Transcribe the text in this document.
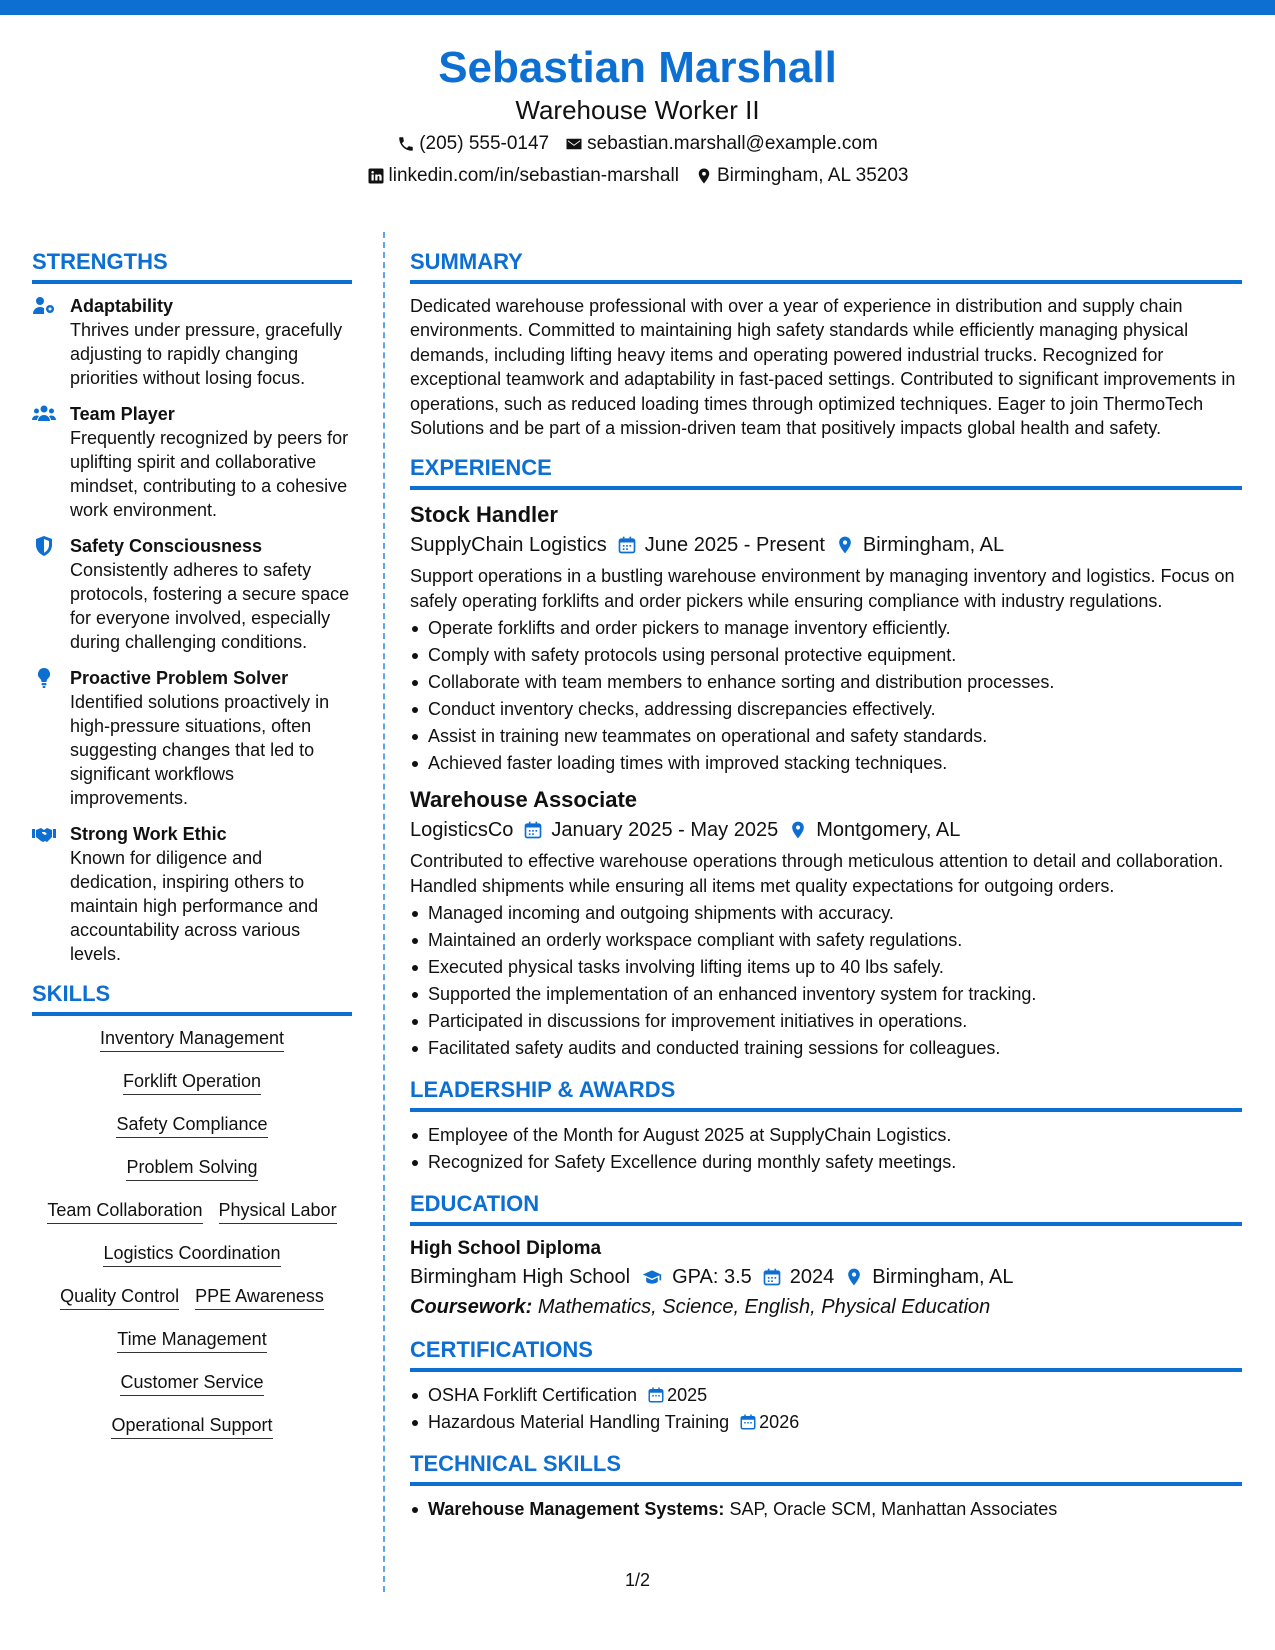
Sebastian Marshall
Warehouse Worker II
(205) 555-0147 sebastian.marshall@example.com
linkedin.com/in/sebastian-marshall Birmingham, AL 35203
STRENGTHS
Adaptability
Thrives under pressure, gracefully adjusting to rapidly changing priorities without losing focus.
Team Player
Frequently recognized by peers for uplifting spirit and collaborative mindset, contributing to a cohesive work environment.
Safety Consciousness
Consistently adheres to safety protocols, fostering a secure space for everyone involved, especially during challenging conditions.
Proactive Problem Solver
Identified solutions proactively in high-pressure situations, often suggesting changes that led to significant workflows improvements.
Strong Work Ethic
Known for diligence and dedication, inspiring others to maintain high performance and accountability across various levels.
SKILLS
Inventory Management
Forklift Operation
Safety Compliance
Problem Solving
Team Collaboration Physical Labor
Logistics Coordination
Quality Control PPE Awareness
Time Management
Customer Service
Operational Support
SUMMARY
Dedicated warehouse professional with over a year of experience in distribution and supply chain environments. Committed to maintaining high safety standards while efficiently managing physical demands, including lifting heavy items and operating powered industrial trucks. Recognized for exceptional teamwork and adaptability in fast-paced settings. Contributed to significant improvements in operations, such as reduced loading times through optimized techniques. Eager to join ThermoTech Solutions and be part of a mission-driven team that positively impacts global health and safety.
EXPERIENCE
Stock Handler
SupplyChain Logistics June 2025 - Present Birmingham, AL
Support operations in a bustling warehouse environment by managing inventory and logistics. Focus on safely operating forklifts and order pickers while ensuring compliance with industry regulations.
Operate forklifts and order pickers to manage inventory efficiently.
Comply with safety protocols using personal protective equipment.
Collaborate with team members to enhance sorting and distribution processes.
Conduct inventory checks, addressing discrepancies effectively.
Assist in training new teammates on operational and safety standards.
Achieved faster loading times with improved stacking techniques.
Warehouse Associate
LogisticsCo January 2025 - May 2025 Montgomery, AL
Contributed to effective warehouse operations through meticulous attention to detail and collaboration. Handled shipments while ensuring all items met quality expectations for outgoing orders.
Managed incoming and outgoing shipments with accuracy.
Maintained an orderly workspace compliant with safety regulations.
Executed physical tasks involving lifting items up to 40 lbs safely.
Supported the implementation of an enhanced inventory system for tracking.
Participated in discussions for improvement initiatives in operations.
Facilitated safety audits and conducted training sessions for colleagues.
LEADERSHIP & AWARDS
Employee of the Month for August 2025 at SupplyChain Logistics.
Recognized for Safety Excellence during monthly safety meetings.
EDUCATION
High School Diploma
Birmingham High School GPA: 3.5 2024 Birmingham, AL
Coursework: Mathematics, Science, English, Physical Education
CERTIFICATIONS
OSHA Forklift Certification 2025
Hazardous Material Handling Training 2026
TECHNICAL SKILLS
Warehouse Management Systems: SAP, Oracle SCM, Manhattan Associates
1/2
